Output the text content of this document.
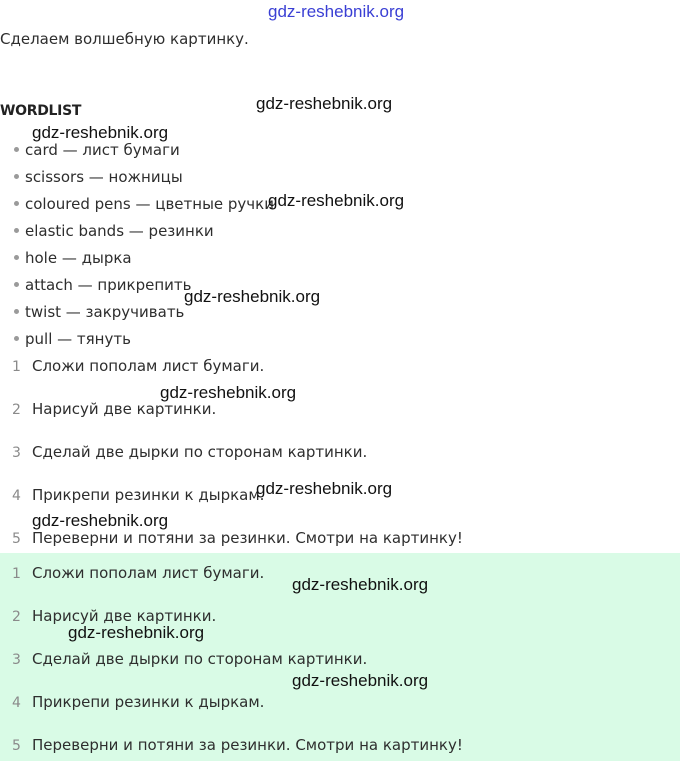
gdz-reshebnik.org
Сделаем волшебную картинку.
WORDLIST
card — лист бумаги
scissors — ножницы
coloured pens — цветные ручки
elastic bands — резинки
hole — дырка
attach — прикрепить
twist — закручивать
pull — тянуть
1 Сложи пополам лист бумаги.
2 Нарисуй две картинки.
3 Сделай две дырки по сторонам картинки.
4 Прикрепи резинки к дыркам.
5 Переверни и потяни за резинки. Смотри на картинку!
1 Сложи пополам лист бумаги.
2 Нарисуй две картинки.
3 Сделай две дырки по сторонам картинки.
4 Прикрепи резинки к дыркам.
5 Переверни и потяни за резинки. Смотри на картинку!
gdz-reshebnik.org
gdz-reshebnik.org
gdz-reshebnik.org
gdz-reshebnik.org
gdz-reshebnik.org
gdz-reshebnik.org
gdz-reshebnik.org
gdz-reshebnik.org
gdz-reshebnik.org
gdz-reshebnik.org
